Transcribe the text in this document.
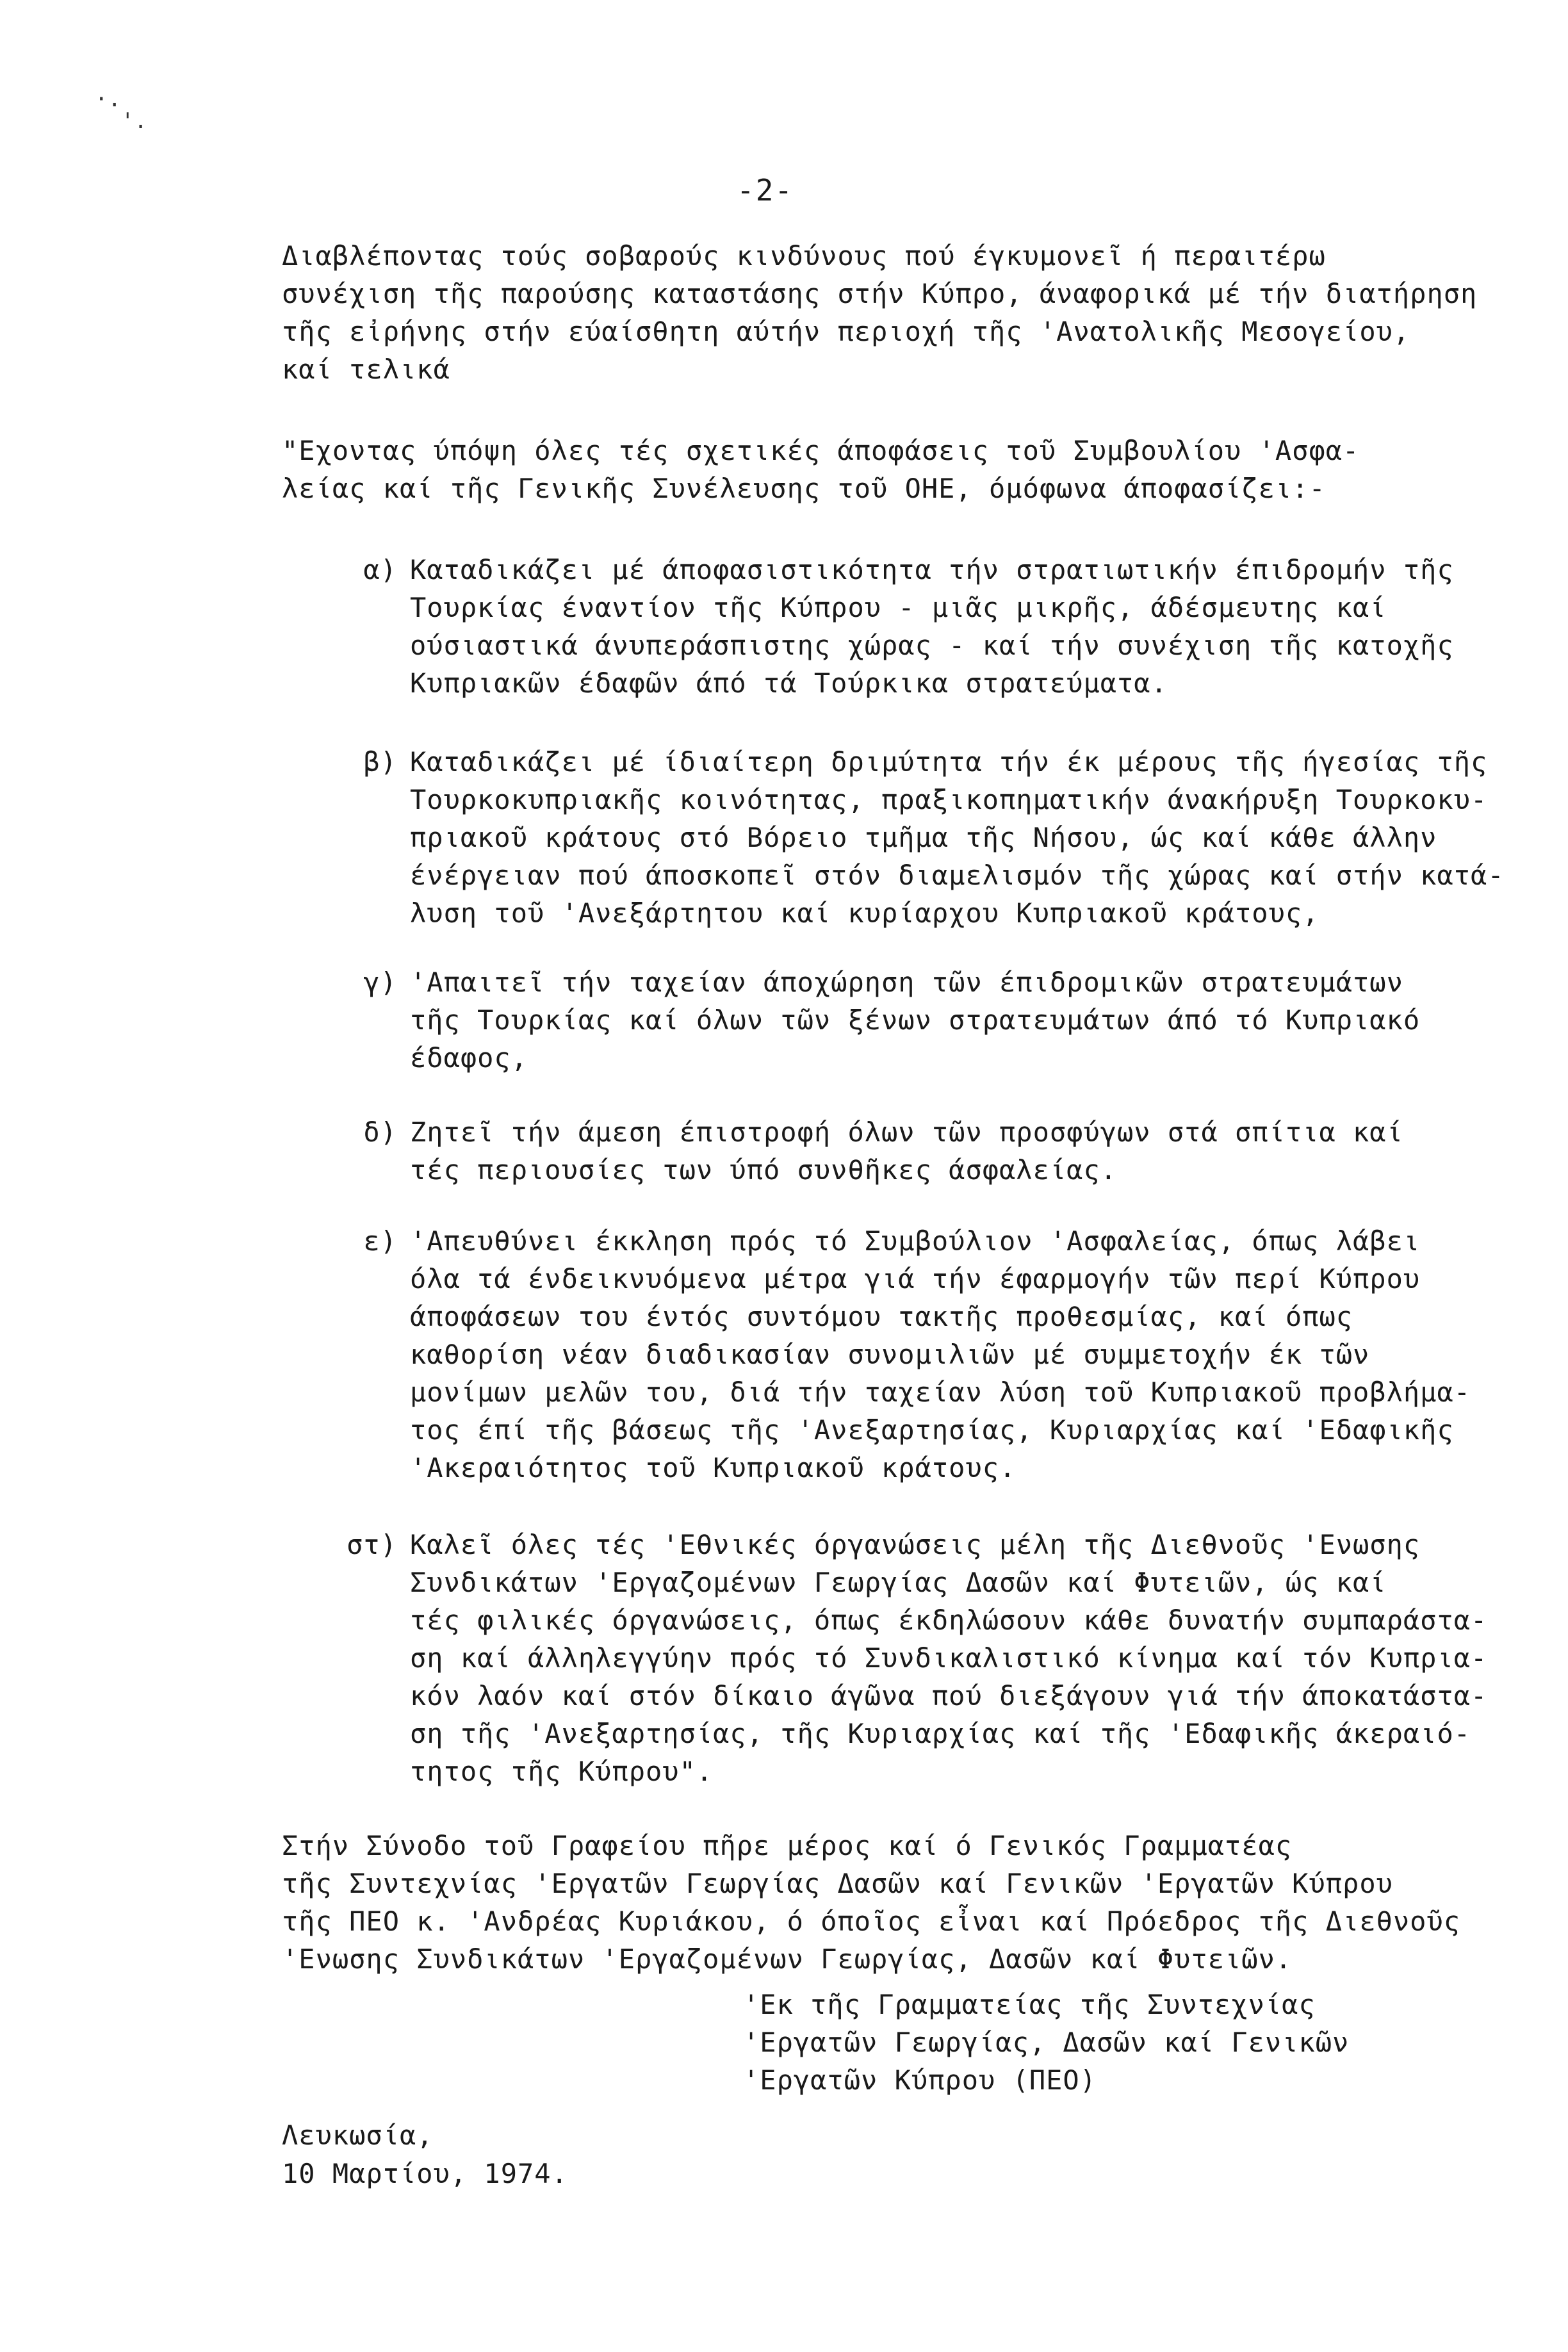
·.
'.
-2-
Διαβλέποντας τούς σοβαρούς κινδύνους πού έγκυμονεῖ ή περαιτέρω
συνέχιση τῆς παρούσης καταστάσης στήν Κύπρο, άναφορικά μέ τήν διατήρηση
τῆς εἰρήνης στήν εύαίσθητη αύτήν περιοχή τῆς 'Ανατολικῆς Μεσογείου,
καί τελικά
"Εχοντας ύπόψη όλες τές σχετικές άποφάσεις τοῦ Συμβουλίου 'Ασφα-
λείας καί τῆς Γενικῆς Συνέλευσης τοῦ ΟΗΕ, όμόφωνα άποφασίζει:-

α)

Καταδικάζει μέ άποφασιστικότητα τήν στρατιωτικήν έπιδρομήν τῆς
Τουρκίας έναντίον τῆς Κύπρου - μιᾶς μικρῆς, άδέσμευτης καί
ούσιαστικά άνυπεράσπιστης χώρας - καί τήν συνέχιση τῆς κατοχῆς
Κυπριακῶν έδαφῶν άπό τά Τούρκικα στρατεύματα.

β)

Καταδικάζει μέ ίδιαίτερη δριμύτητα τήν έκ μέρους τῆς ήγεσίας τῆς
Τουρκοκυπριακῆς κοινότητας, πραξικοπηματικήν άνακήρυξη Τουρκοκυ-
πριακοῦ κράτους στό Βόρειο τμῆμα τῆς Νήσου, ώς καί κάθε άλλην
ένέργειαν πού άποσκοπεῖ στόν διαμελισμόν τῆς χώρας καί στήν κατά-
λυση τοῦ 'Ανεξάρτητου καί κυρίαρχου Κυπριακοῦ κράτους,

γ)

'Απαιτεῖ τήν ταχείαν άποχώρηση τῶν έπιδρομικῶν στρατευμάτων
τῆς Τουρκίας καί όλων τῶν ξένων στρατευμάτων άπό τό Κυπριακό
έδαφος,

δ)

Ζητεῖ τήν άμεση έπιστροφή όλων τῶν προσφύγων στά σπίτια καί
τές περιουσίες των ύπό συνθῆκες άσφαλείας.

ε)

'Απευθύνει έκκληση πρός τό Συμβούλιον 'Ασφαλείας, όπως λάβει
όλα τά ένδεικνυόμενα μέτρα γιά τήν έφαρμογήν τῶν περί Κύπρου
άποφάσεων του έντός συντόμου τακτῆς προθεσμίας, καί όπως
καθορίση νέαν διαδικασίαν συνομιλιῶν μέ συμμετοχήν έκ τῶν
μονίμων μελῶν του, διά τήν ταχείαν λύση τοῦ Κυπριακοῦ προβλήμα-
τος έπί τῆς βάσεως τῆς 'Ανεξαρτησίας, Κυριαρχίας καί 'Εδαφικῆς
'Ακεραιότητος τοῦ Κυπριακοῦ κράτους.

στ)

Καλεῖ όλες τές 'Εθνικές όργανώσεις μέλη τῆς Διεθνοῦς 'Ενωσης
Συνδικάτων 'Εργαζομένων Γεωργίας Δασῶν καί Φυτειῶν, ώς καί
τές φιλικές όργανώσεις, όπως έκδηλώσουν κάθε δυνατήν συμπαράστα-
ση καί άλληλεγγύην πρός τό Συνδικαλιστικό κίνημα καί τόν Κυπρια-
κόν λαόν καί στόν δίκαιο άγῶνα πού διεξάγουν γιά τήν άποκατάστα-
ση τῆς 'Ανεξαρτησίας, τῆς Κυριαρχίας καί τῆς 'Εδαφικῆς άκεραιό-
τητος τῆς Κύπρου".

Στήν Σύνοδο τοῦ Γραφείου πῆρε μέρος καί ό Γενικός Γραμματέας
τῆς Συντεχνίας 'Εργατῶν Γεωργίας Δασῶν καί Γενικῶν 'Εργατῶν Κύπρου
τῆς ΠΕΟ κ. 'Ανδρέας Κυριάκου, ό όποῖος εἶναι καί Πρόεδρος τῆς Διεθνοῦς
'Ενωσης Συνδικάτων 'Εργαζομένων Γεωργίας, Δασῶν καί Φυτειῶν.
'Εκ τῆς Γραμματείας τῆς Συντεχνίας
'Εργατῶν Γεωργίας, Δασῶν καί Γενικῶν
'Εργατῶν Κύπρου (ΠΕΟ)
Λευκωσία,
10 Μαρτίου, 1974.
